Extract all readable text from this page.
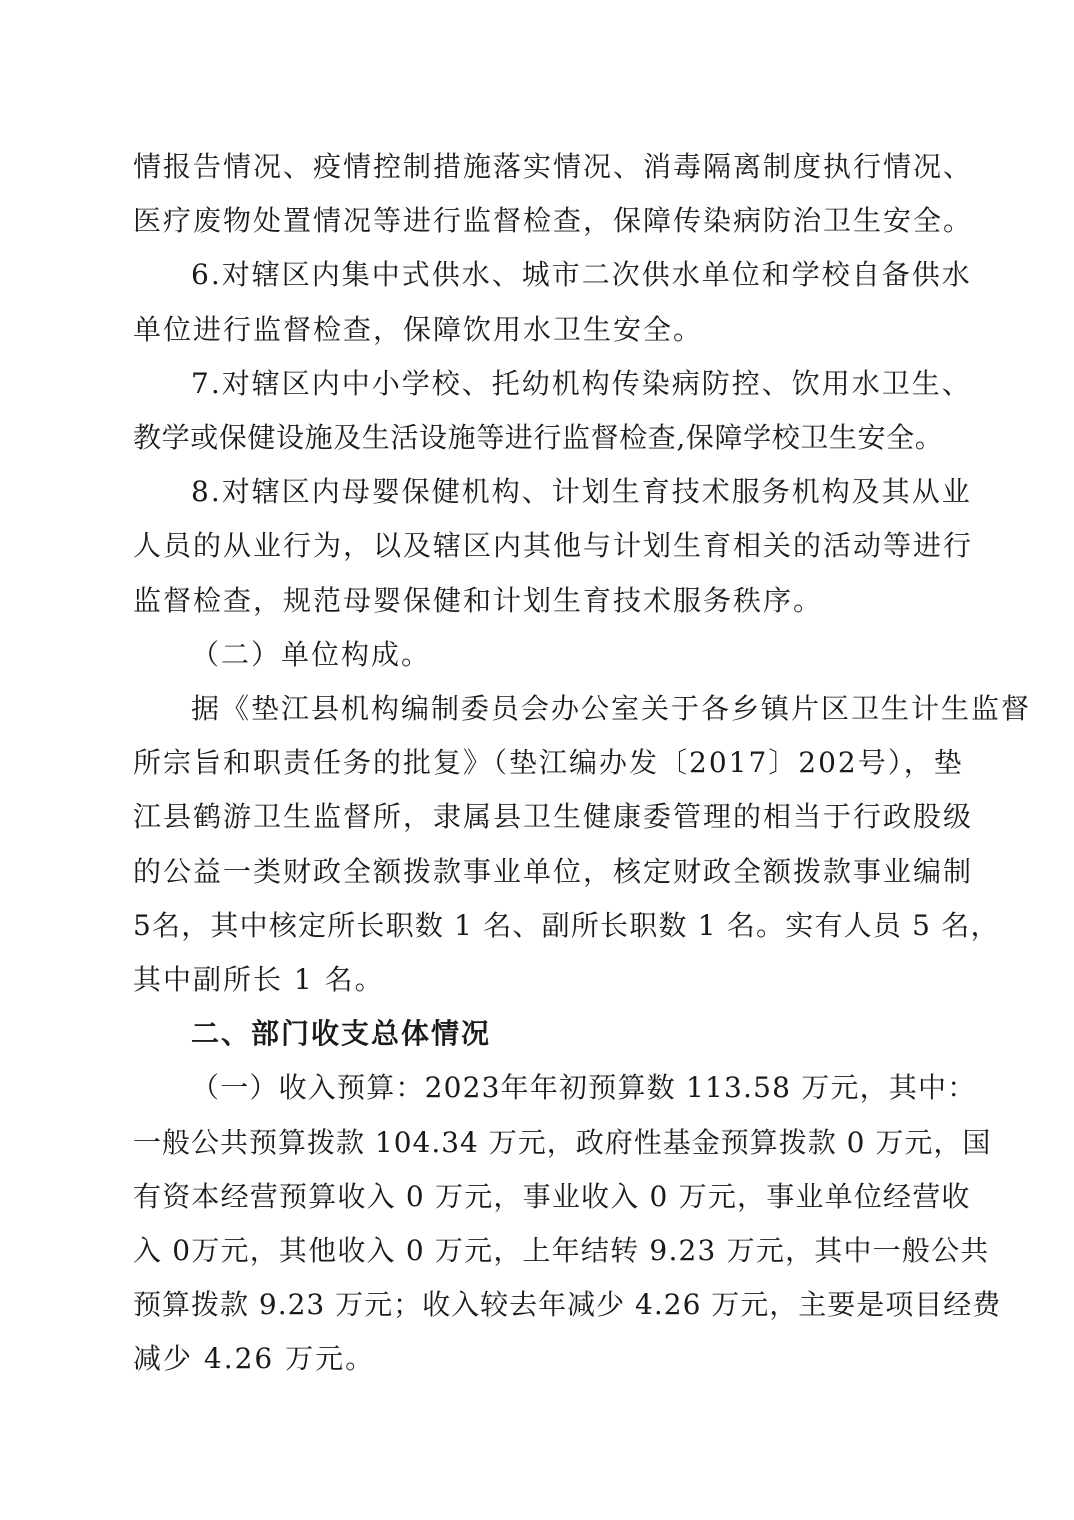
情报告情况、疫情控制措施落实情况、消毒隔离制度执行情况、
医疗废物处置情况等进行监督检查，保障传染病防治卫生安全。

6.对辖区内集中式供水、城市二次供水单位和学校自备供水
单位进行监督检查，保障饮用水卫生安全。

7.对辖区内中小学校、托幼机构传染病防控、饮用水卫生、
教学或保健设施及生活设施等进行监督检查,保障学校卫生安全。

8.对辖区内母婴保健机构、计划生育技术服务机构及其从业
人员的从业行为，以及辖区内其他与计划生育相关的活动等进行
监督检查，规范母婴保健和计划生育技术服务秩序。

（二）单位构成。

据《垫江县机构编制委员会办公室关于各乡镇片区卫生计生监督
所宗旨和职责任务的批复》（垫江编办发〔2017〕202号），垫
江县鹤游卫生监督所，隶属县卫生健康委管理的相当于行政股级
的公益一类财政全额拨款事业单位，核定财政全额拨款事业编制
5名，其中核定所长职数 1 名、副所长职数 1 名。实有人员 5 名，
其中副所长 1 名。

二、部门收支总体情况

（一）收入预算：2023年年初预算数 113.58 万元，其中：
一般公共预算拨款 104.34 万元，政府性基金预算拨款 0 万元，国
有资本经营预算收入 0 万元，事业收入 0 万元，事业单位经营收
入 0万元，其他收入 0 万元，上年结转 9.23 万元，其中一般公共
预算拨款 9.23 万元；收入较去年减少 4.26 万元，主要是项目经费
减少 4.26 万元。
